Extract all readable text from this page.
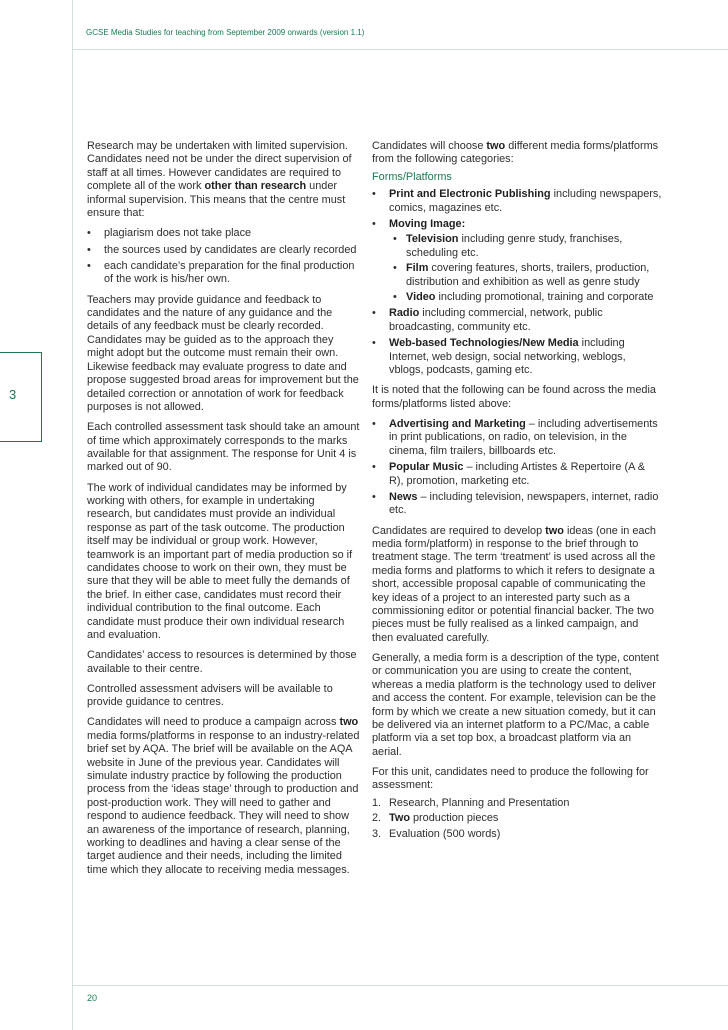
GCSE Media Studies for teaching from September 2009 onwards (version 1.1)
3

Research may be undertaken with limited supervision. Candidates need not be under the direct supervision of staff at all times. However candidates are required to complete all of the work other than research under informal supervision. This means that the centre must ensure that:

• plagiarism does not take place
• the sources used by candidates are clearly recorded
• each candidate’s preparation for the final production of the work is his/her own.

Teachers may provide guidance and feedback to candidates and the nature of any guidance and the details of any feedback must be clearly recorded. Candidates may be guided as to the approach they might adopt but the outcome must remain their own. Likewise feedback may evaluate progress to date and propose suggested broad areas for improvement but the detailed correction or annotation of work for feedback purposes is not allowed.

Each controlled assessment task should take an amount of time which approximately corresponds to the marks available for that assignment. The response for Unit 4 is marked out of 90.

The work of individual candidates may be informed by working with others, for example in undertaking research, but candidates must provide an individual response as part of the task outcome. The production itself may be individual or group work. However, teamwork is an important part of media production so if candidates choose to work on their own, they must be sure that they will be able to meet fully the demands of the brief. In either case, candidates must record their individual contribution to the final outcome. Each candidate must produce their own individual research and evaluation.

Candidates’ access to resources is determined by those available to their centre.

Controlled assessment advisers will be available to provide guidance to centres.

Candidates will need to produce a campaign across two media forms/platforms in response to an industry-related brief set by AQA. The brief will be available on the AQA website in June of the previous year. Candidates will simulate industry practice by following the production process from the ‘ideas stage’ through to production and post-production work. They will need to gather and respond to audience feedback. They will need to show an awareness of the importance of research, planning, working to deadlines and having a clear sense of the target audience and their needs, including the limited time which they allocate to receiving media messages.

Candidates will choose two different media forms/platforms from the following categories:

Forms/Platforms

• Print and Electronic Publishing including newspapers, comics, magazines etc.
• Moving Image:
• Television including genre study, franchises, scheduling etc.
• Film covering features, shorts, trailers, production, distribution and exhibition as well as genre study
• Video including promotional, training and corporate
• Radio including commercial, network, public broadcasting, community etc.
• Web-based Technologies/New Media including Internet, web design, social networking, weblogs, vblogs, podcasts, gaming etc.

It is noted that the following can be found across the media forms/platforms listed above:

• Advertising and Marketing – including advertisements in print publications, on radio, on television, in the cinema, film trailers, billboards etc.
• Popular Music – including Artistes & Repertoire (A & R), promotion, marketing etc.
• News – including television, newspapers, internet, radio etc.

Candidates are required to develop two ideas (one in each media form/platform) in response to the brief through to treatment stage. The term ‘treatment’ is used across all the media forms and platforms to which it refers to designate a short, accessible proposal capable of communicating the key ideas of a project to an interested party such as a commissioning editor or potential financial backer. The two pieces must be fully realised as a linked campaign, and then evaluated carefully.

Generally, a media form is a description of the type, content or communication you are using to create the content, whereas a media platform is the technology used to deliver and access the content. For example, television can be the form by which we create a new situation comedy, but it can be delivered via an internet platform to a PC/Mac, a cable platform via a set top box, a broadcast platform via an aerial.

For this unit, candidates need to produce the following for assessment:

1. Research, Planning and Presentation
2. Two production pieces
3. Evaluation (500 words)
20
